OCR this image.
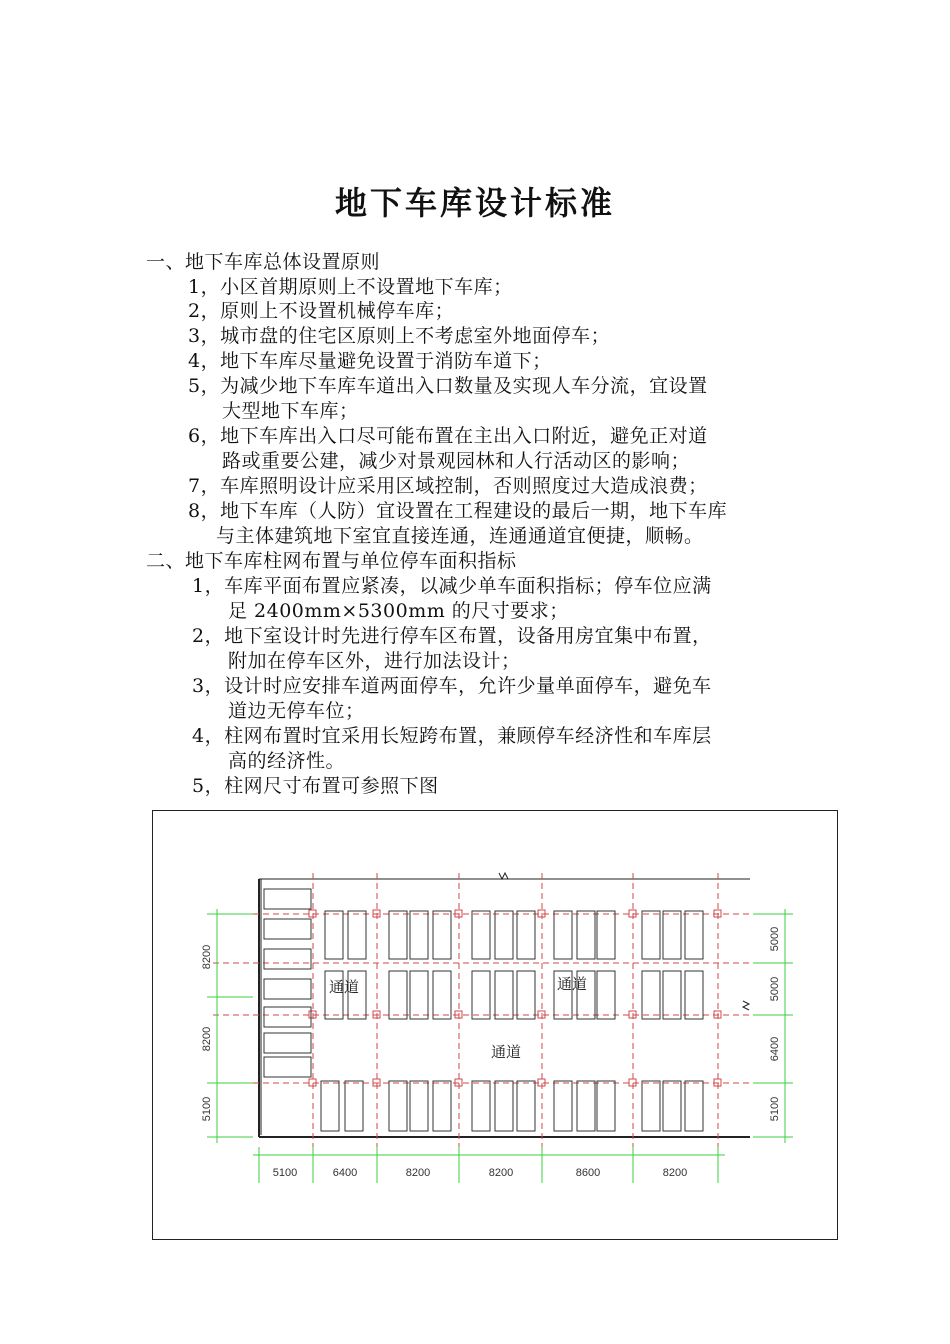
地下车库设计标准
一、地下车库总体设置原则
1，小区首期原则上不设置地下车库；
2，原则上不设置机械停车库；
3，城市盘的住宅区原则上不考虑室外地面停车；
4，地下车库尽量避免设置于消防车道下；
5，为减少地下车库车道出入口数量及实现人车分流，宜设置
大型地下车库；
6，地下车库出入口尽可能布置在主出入口附近，避免正对道
路或重要公建，减少对景观园林和人行活动区的影响；
7，车库照明设计应采用区域控制，否则照度过大造成浪费；
8，地下车库（人防）宜设置在工程建设的最后一期，地下车库
与主体建筑地下室宜直接连通，连通通道宜便捷，顺畅。
二、地下车库柱网布置与单位停车面积指标
1，车库平面布置应紧凑，以减少单车面积指标；停车位应满
足 2400mm×5300mm 的尺寸要求；
2，地下室设计时先进行停车区布置，设备用房宜集中布置，
附加在停车区外，进行加法设计；
3，设计时应安排车道两面停车，允许少量单面停车，避免车
道边无停车位；
4，柱网布置时宜采用长短跨布置，兼顾停车经济性和车库层
高的经济性。
5，柱网尺寸布置可参照下图
通道	通道
通道
5100	6400	8200	8200	8600	8200
8200
8200
5100
5000
5000
6400
5100
